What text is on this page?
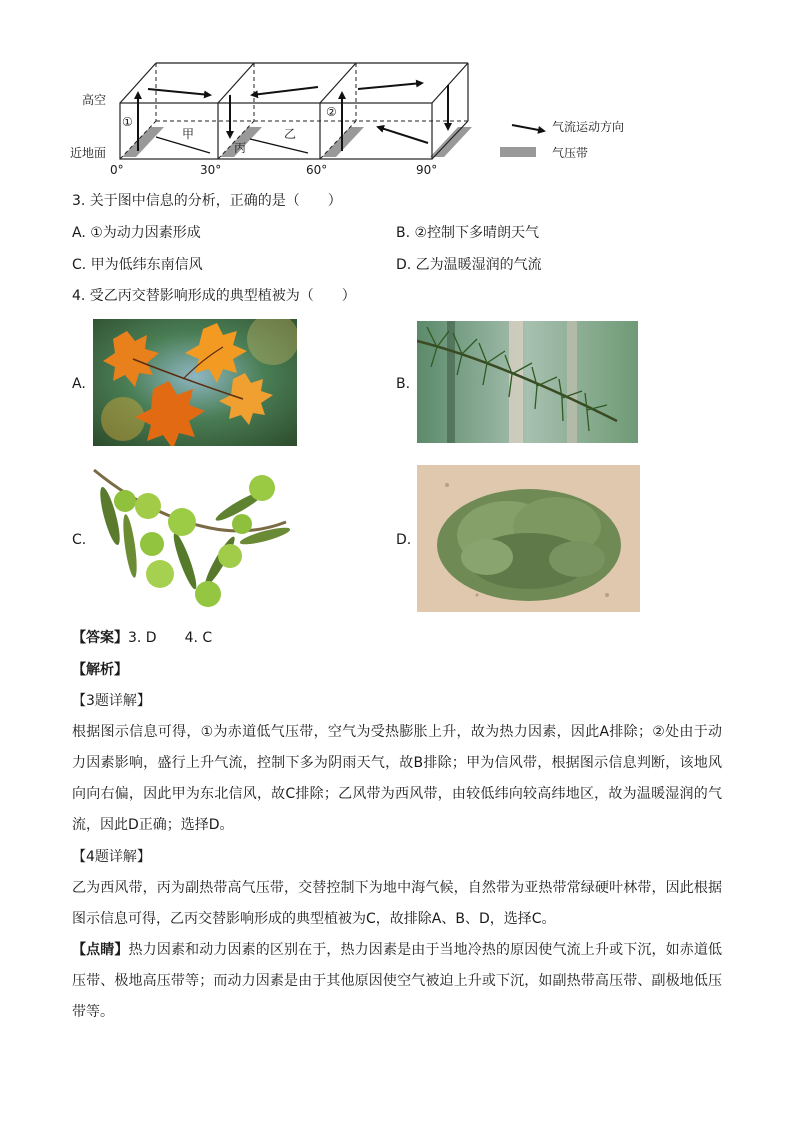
高空
近地面
①
②
甲	乙
丙
0°	30°	60°	90°
气流运动方向
气压带
3. 关于图中信息的分析，正确的是（　　）
A. ①为动力因素形成	B. ②控制下多晴朗天气
C. 甲为低纬东南信风	D. 乙为温暖湿润的气流
4. 受乙丙交替影响形成的典型植被为（　　）
A.	B.
C.	D.
【答案】3. D　　4. C
【解析】
【3题详解】
根据图示信息可得，①为赤道低气压带，空气为受热膨胀上升，故为热力因素，因此A排除；②处由于动力因素影响，盛行上升气流，控制下多为阴雨天气，故B排除；甲为信风带，根据图示信息判断，该地风向向右偏，因此甲为东北信风，故C排除；乙风带为西风带，由较低纬向较高纬地区，故为温暖湿润的气流，因此D正确；选择D。
【4题详解】
乙为西风带，丙为副热带高气压带，交替控制下为地中海气候，自然带为亚热带常绿硬叶林带，因此根据图示信息可得，乙丙交替影响形成的典型植被为C，故排除A、B、D，选择C。
【点睛】热力因素和动力因素的区别在于，热力因素是由于当地冷热的原因使气流上升或下沉，如赤道低压带、极地高压带等；而动力因素是由于其他原因使空气被迫上升或下沉，如副热带高压带、副极地低压带等。
